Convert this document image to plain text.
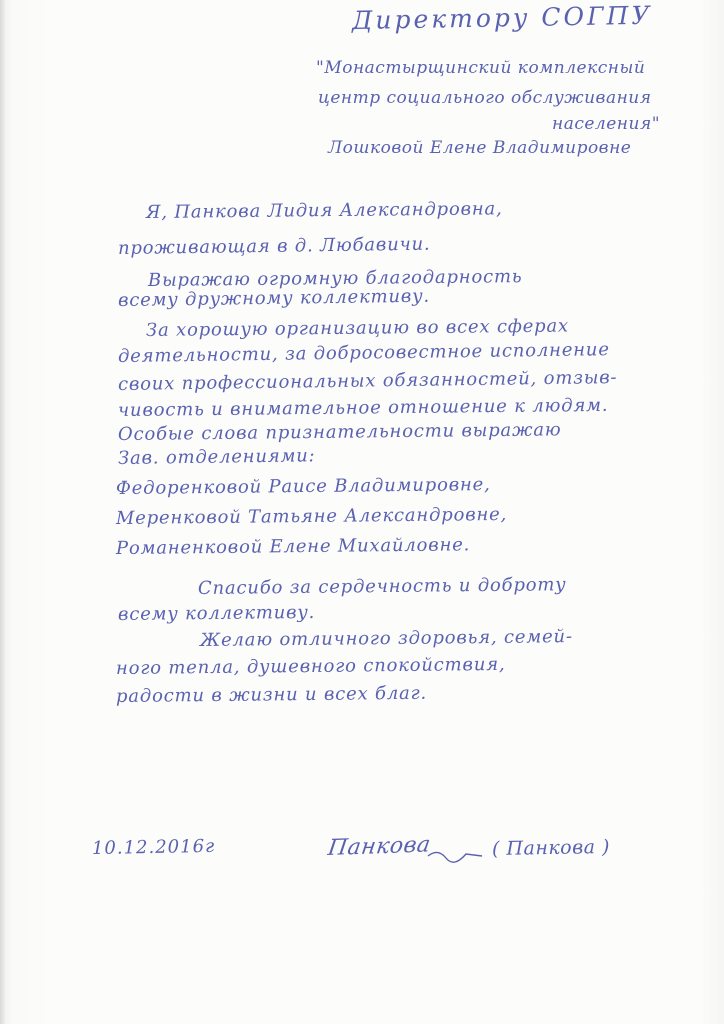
Директору СОГПУ
"Монастырщинский комплексный
центр социального обслуживания
населения"
Лошковой Елене Владимировне
Я, Панкова Лидия Александровна,
проживающая в д. Любавичи.
Выражаю огромную благодарность
всему дружному коллективу.
За хорошую организацию во всех сферах
деятельности, за добросовестное исполнение
своих профессиональных обязанностей, отзыв-
чивость и внимательное отношение к людям.
Особые слова признательности выражаю
Зав. отделениями:
Федоренковой Раисе Владимировне,
Меренковой Татьяне Александровне,
Романенковой Елене Михайловне.
Спасибо за сердечность и доброту
всему коллективу.
Желаю отличного здоровья, семей-
ного тепла, душевного спокойствия,
радости в жизни и всех благ.
10.12.2016г	Панкова	( Панкова )
